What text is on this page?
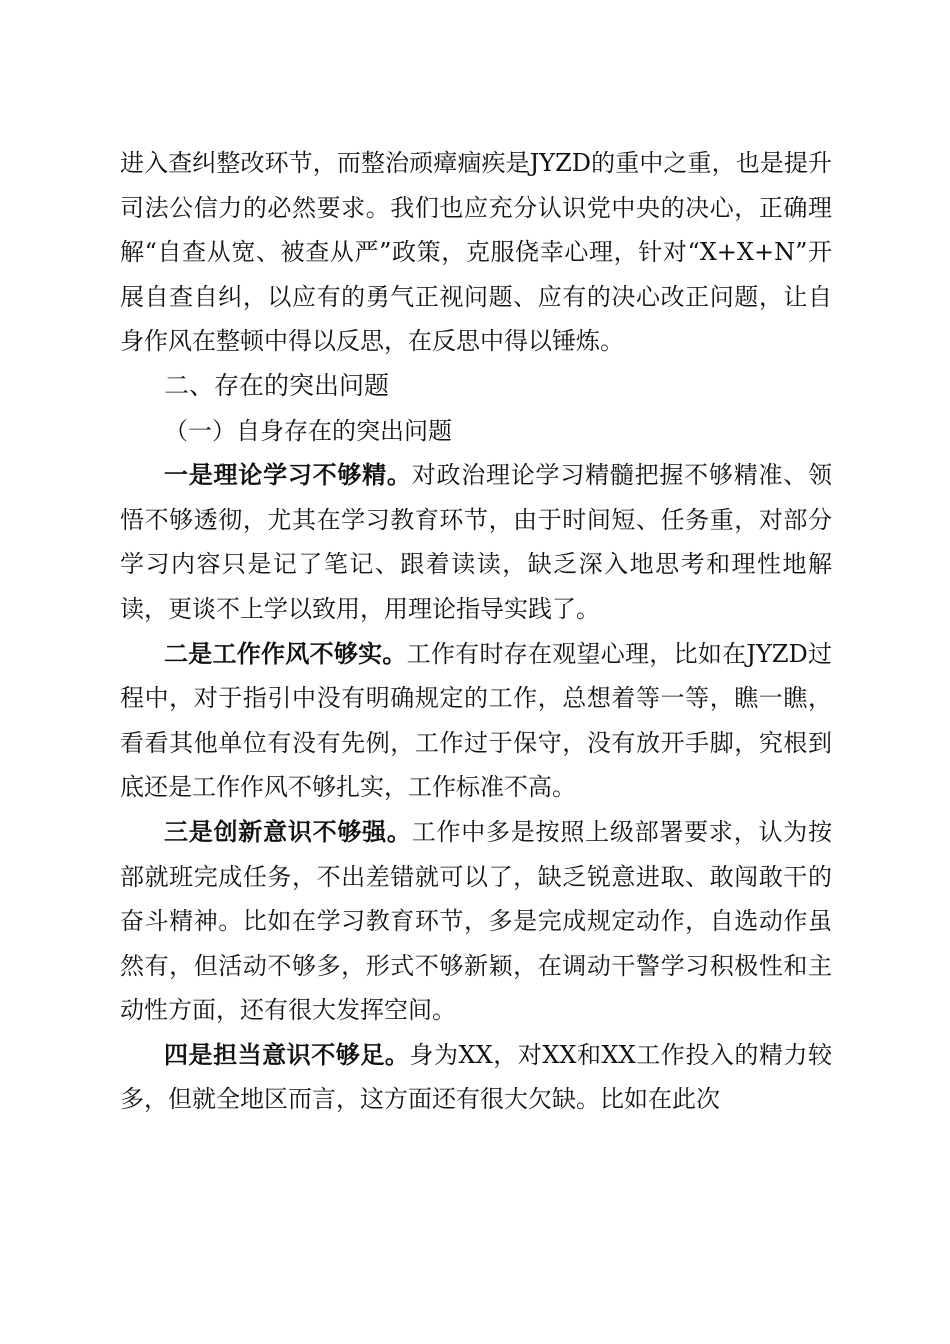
进入查纠整改环节，而整治顽瘴痼疾是JYZD的重中之重，也是提升司法公信力的必然要求。我们也应充分认识党中央的决心，正确理解“自查从宽、被查从严”政策，克服侥幸心理，针对“X+X+N”开展自查自纠，以应有的勇气正视问题、应有的决心改正问题，让自身作风在整顿中得以反思，在反思中得以锤炼。

二、存在的突出问题

（一）自身存在的突出问题

一是理论学习不够精。对政治理论学习精髓把握不够精准、领悟不够透彻，尤其在学习教育环节，由于时间短、任务重，对部分学习内容只是记了笔记、跟着读读，缺乏深入地思考和理性地解读，更谈不上学以致用，用理论指导实践了。

二是工作作风不够实。工作有时存在观望心理，比如在JYZD过程中，对于指引中没有明确规定的工作，总想着等一等，瞧一瞧，看看其他单位有没有先例，工作过于保守，没有放开手脚，究根到底还是工作作风不够扎实，工作标准不高。

三是创新意识不够强。工作中多是按照上级部署要求，认为按部就班完成任务，不出差错就可以了，缺乏锐意进取、敢闯敢干的奋斗精神。比如在学习教育环节，多是完成规定动作，自选动作虽然有，但活动不够多，形式不够新颖，在调动干警学习积极性和主动性方面，还有很大发挥空间。

四是担当意识不够足。身为XX，对XX和XX工作投入的精力较多，但就全地区而言，这方面还有很大欠缺。比如在此次
